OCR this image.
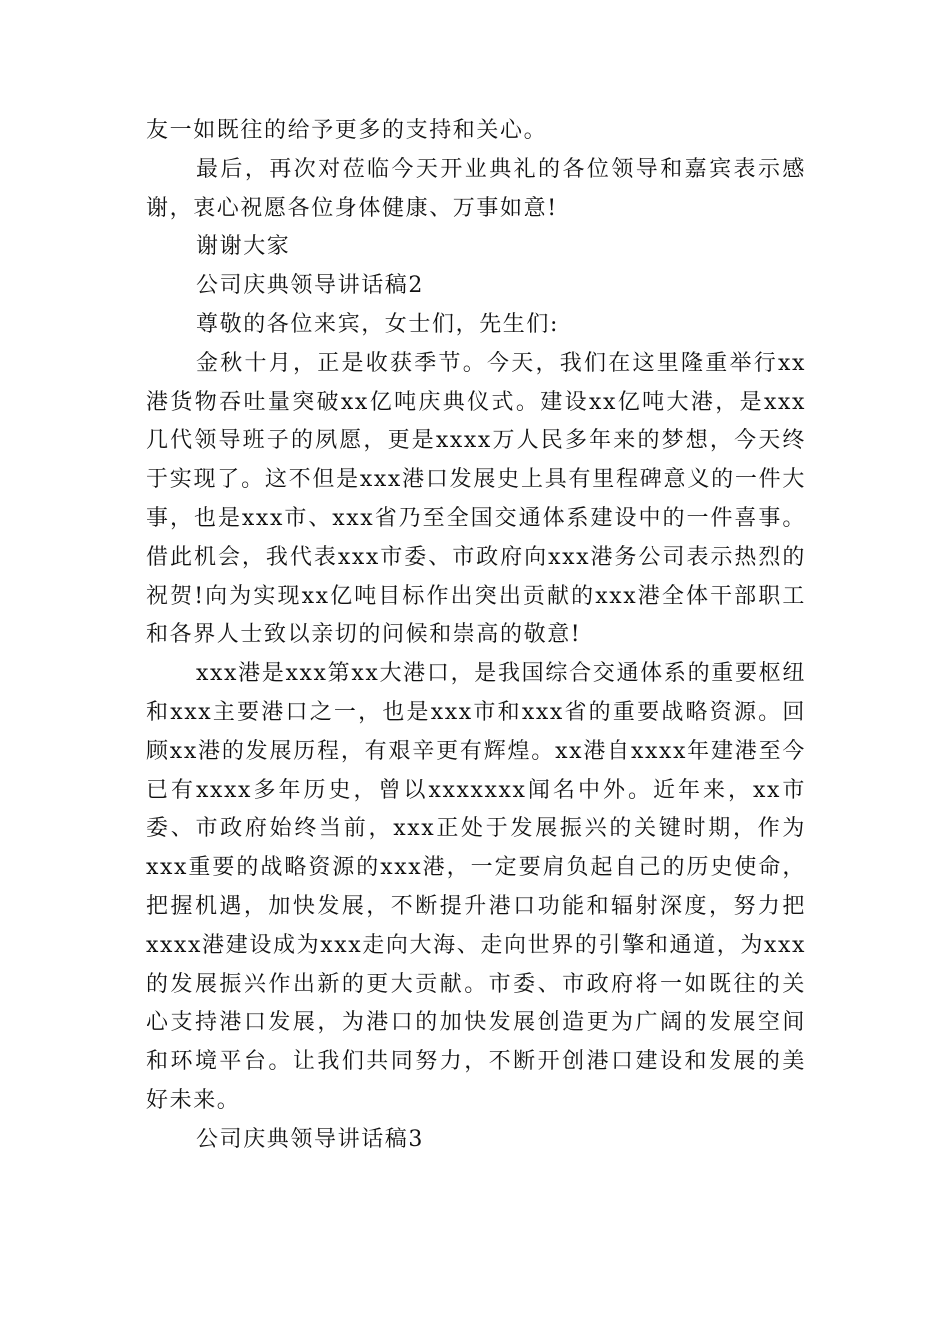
友一如既往的给予更多的支持和关心。

最后，再次对莅临今天开业典礼的各位领导和嘉宾表示感谢，衷心祝愿各位身体健康、万事如意!

谢谢大家

公司庆典领导讲话稿2

尊敬的各位来宾，女士们，先生们:

金秋十月，正是收获季节。今天，我们在这里隆重举行xx港货物吞吐量突破xx亿吨庆典仪式。建设xx亿吨大港，是xxx几代领导班子的夙愿，更是xxxx万人民多年来的梦想，今天终于实现了。这不但是xxx港口发展史上具有里程碑意义的一件大事，也是xxx市、xxx省乃至全国交通体系建设中的一件喜事。借此机会，我代表xxx市委、市政府向xxx港务公司表示热烈的祝贺!向为实现xx亿吨目标作出突出贡献的xxx港全体干部职工和各界人士致以亲切的问候和崇高的敬意!

xxx港是xxx第xx大港口，是我国综合交通体系的重要枢纽和xxx主要港口之一，也是xxx市和xxx省的重要战略资源。回顾xx港的发展历程，有艰辛更有辉煌。xx港自xxxx年建港至今已有xxxx多年历史，曾以xxxxxxx闻名中外。近年来，xx市委、市政府始终当前，xxx正处于发展振兴的关键时期，作为xxx重要的战略资源的xxx港，一定要肩负起自己的历史使命，把握机遇，加快发展，不断提升港口功能和辐射深度，努力把xxxx港建设成为xxx走向大海、走向世界的引擎和通道，为xxx的发展振兴作出新的更大贡献。市委、市政府将一如既往的关心支持港口发展，为港口的加快发展创造更为广阔的发展空间和环境平台。让我们共同努力，不断开创港口建设和发展的美好未来。

公司庆典领导讲话稿3
